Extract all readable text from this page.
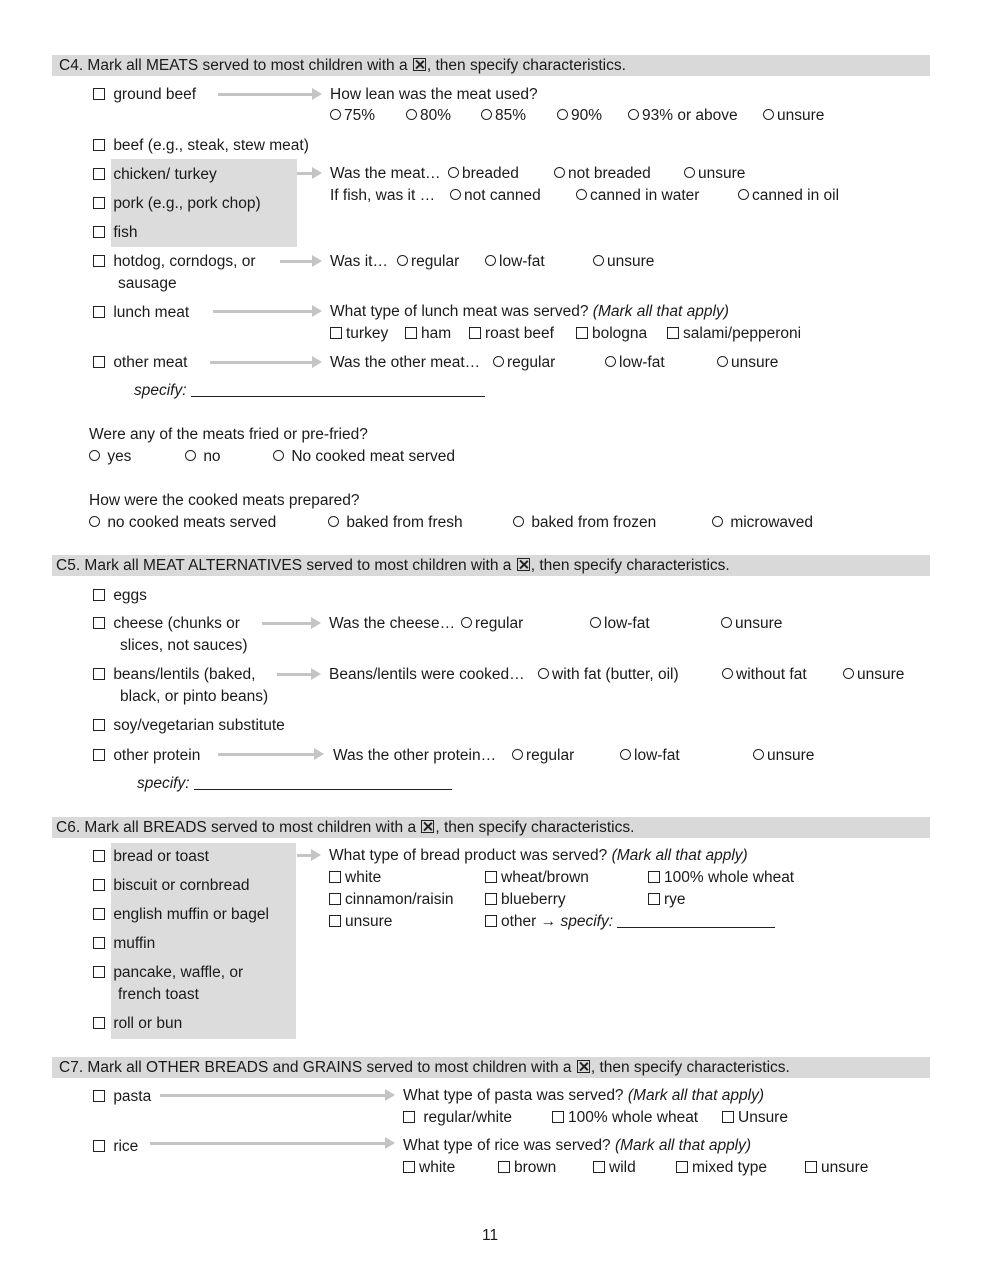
C4. Mark all MEATS served to most children with a , then specify characteristics.
ground beef	How lean was the meat used?
75%	80%	85%	90%	93% or above	unsure
beef (e.g., steak, stew meat)
chicken/ turkey
pork (e.g., pork chop)
fish
Was the meat…	breaded	not breaded	unsure
If fish, was it …	not canned	canned in water	canned in oil
hotdog, corndogs, or
sausage
Was it…	regular	low-fat	unsure
lunch meat	What type of lunch meat was served? (Mark all that apply)
turkey	ham	roast beef	bologna	salami/pepperoni
other meat	Was the other meat…	regular	low-fat	unsure
specify:
Were any of the meats fried or pre-fried?
yes	no	No cooked meat served
How were the cooked meats prepared?
no cooked meats served	baked from fresh	baked from frozen	microwaved
C5. Mark all MEAT ALTERNATIVES served to most children with a , then specify characteristics.
eggs
cheese (chunks or
slices, not sauces)
Was the cheese…	regular	low-fat	unsure
beans/lentils (baked,
black, or pinto beans)
Beans/lentils were cooked…	with fat (butter, oil)	without fat	unsure
soy/vegetarian substitute
other protein	Was the other protein…	regular	low-fat	unsure
specify:
C6. Mark all BREADS served to most children with a , then specify characteristics.
bread or toast
biscuit or cornbread
english muffin or bagel
muffin
pancake, waffle, or
french toast
roll or bun
What type of bread product was served? (Mark all that apply)
white	wheat/brown	100% whole wheat
cinnamon/raisin	blueberry	rye
unsure	other → specify:
C7. Mark all OTHER BREADS and GRAINS served to most children with a , then specify characteristics.
pasta	What type of pasta was served? (Mark all that apply)
regular/white	100% whole wheat	Unsure
rice	What type of rice was served? (Mark all that apply)
white	brown	wild	mixed type	unsure
11
